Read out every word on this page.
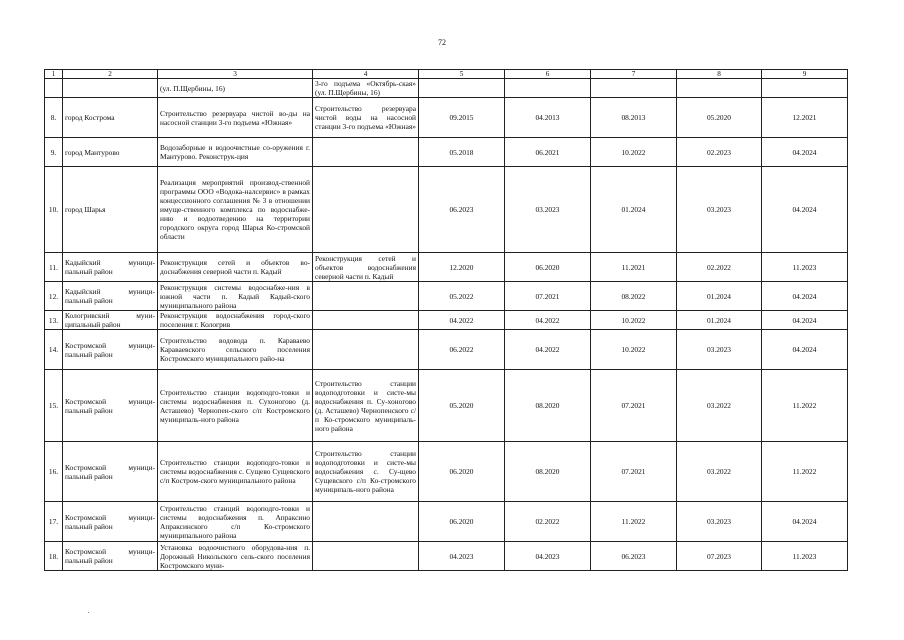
72
1	2	3	4	5	6	7	8	9
		(ул. П.Щербины, 16)	3-го подъема «Октябрь-ская» (ул. П.Щербины, 16)					
8.	город Кострома	Строительство резервуара чистой во-ды на насосной станции 3-го подъема «Южная»	Строительство резервуара чистой воды на насосной станции 3-го подъема «Южная»	09.2015	04.2013	08.2013	05.2020	12.2021
9.	город Мантурово	Водозаборные и водоочистные со-оружения г. Мантурово. Реконструк-ция		05.2018	06.2021	10.2022	02.2023	04.2024
10.	город Шарья	Реализация мероприятий производ-ственной программы ООО «Водока-налсервис» в рамках концессионного соглашения № 3 в отношении имуще-ственного комплекса по водоснабже-нию и водоотведению на территории городского округа город Шарья Ко-стромской области		06.2023	03.2023	01.2024	03.2023	04.2024
11.	Кадыйский муници-пальный район	Реконструкция сетей и объектов во-доснабжения северной части п. Кадый	Реконструкция сетей и объектов водоснабжения северной части п. Кадый	12.2020	06.2020	11.2021	02.2022	11.2023
12.	Кадыйский муници-пальный район	Реконструкция системы водоснабже-ния в южной части п. Кадый Кадый-ского муниципального района		05.2022	07.2021	08.2022	01.2024	04.2024
13.	Кологривский муни-ципальный район	Реконструкция водоснабжения город-ского поселения г. Кологрив		04.2022	04.2022	10.2022	01.2024	04.2024
14.	Костромской муници-пальный район	Строительство водовода п. Караваево Караваевского сельского поселения Костромского муниципального райо-на		06.2022	04.2022	10.2022	03.2023	04.2024
15.	Костромской муници-пальный район	Строительство станции водоподго-товки и системы водоснабжения п. Сухоногово (д. Асташево) Чернопен-ского с/п Костромского муниципаль-ного района	Строительство станции водоподготовки и систе-мы водоснабжения п. Су-хоногово (д. Асташево) Чернопенского с/п Ко-стромского муниципаль-ного района	05.2020	08.2020	07.2021	03.2022	11.2022
16.	Костромской муници-пальный район	Строительство станции водоподго-товки и системы водоснабжения с. Сущево Сущевского с/п Костром-ского муниципального района	Строительство станции водоподготовки и систе-мы водоснабжения с. Су-щево Сущевского с/п Ко-стромского муниципаль-ного района	06.2020	08.2020	07.2021	03.2022	11.2022
17.	Костромской муници-пальный район	Строительство станций водоподго-товки и системы водоснабжения п. Апраксино Апраксинского с/п Ко-стромского муниципального района		06.2020	02.2022	11.2022	03.2023	04.2024
18.	Костромской муници-пальный район	Установка водоочистного оборудова-ния п. Дорожный Никольского сель-ского поселения Костромского муни-		04.2023	04.2023	06.2023	07.2023	11.2023
